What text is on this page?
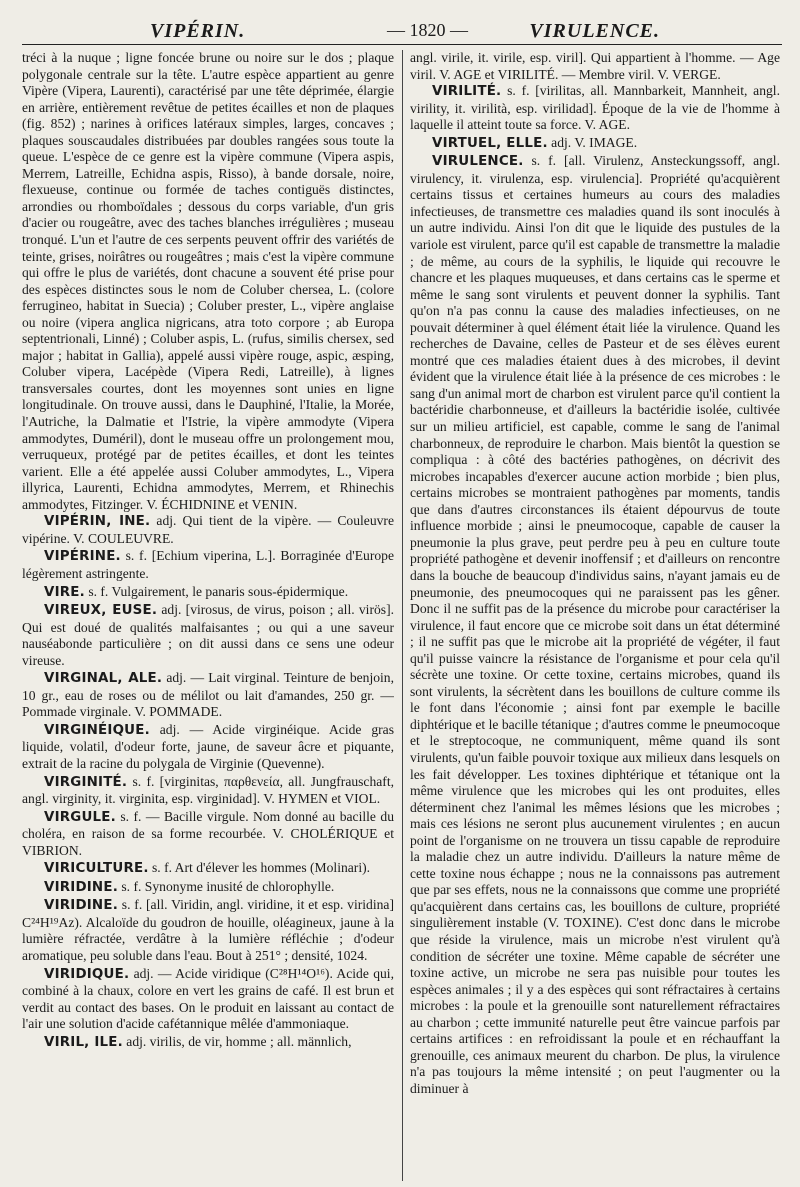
VIPÉRIN.	— 1820 —	VIRULENCE.
tréci à la nuque ; ligne foncée brune ou noire sur le dos ; plaque polygonale centrale sur la tête. L'autre espèce appartient au genre Vipère (Vipera, Laurenti), caractérisé par une tête déprimée, élargie en arrière, entièrement revêtue de petites écailles et non de plaques (fig. 852) ; narines à orifices latéraux simples, larges, concaves ; plaques souscaudales distribuées par doubles rangées sous toute la queue. L'espèce de ce genre est la vipère commune (Vipera aspis, Merrem, Latreille, Echidna aspis, Risso), à bande dorsale, noire, flexueuse, continue ou formée de taches contiguës distinctes, arrondies ou rhomboïdales ; dessous du corps variable, d'un gris d'acier ou rougeâtre, avec des taches blanches irrégulières ; museau tronqué. L'un et l'autre de ces serpents peuvent offrir des variétés de teinte, grises, noirâtres ou rougeâtres ; mais c'est la vipère commune qui offre le plus de variétés, dont chacune a souvent été prise pour des espèces distinctes sous le nom de Coluber chersea, L. (colore ferrugineo, habitat in Suecia) ; Coluber prester, L., vipère anglaise ou noire (vipera anglica nigricans, atra toto corpore ; ab Europa septentrionali, Linné) ; Coluber aspis, L. (rufus, similis chersex, sed major ; habitat in Gallia), appelé aussi vipère rouge, aspic, æsping, Coluber vipera, Lacépède (Vipera Redi, Latreille), à lignes transversales courtes, dont les moyennes sont unies en ligne longitudinale. On trouve aussi, dans le Dauphiné, l'Italie, la Morée, l'Autriche, la Dalmatie et l'Istrie, la vipère ammodyte (Vipera ammodytes, Duméril), dont le museau offre un prolongement mou, verruqueux, protégé par de petites écailles, et dont les teintes varient. Elle a été appelée aussi Coluber ammodytes, L., Vipera illyrica, Laurenti, Echidna ammodytes, Merrem, et Rhinechis ammodytes, Fitzinger. V. ÉCHIDNINE et VENIN.
VIPÉRIN, INE. adj. Qui tient de la vipère. — Couleuvre vipérine. V. COULEUVRE.
VIPÉRINE. s. f. [Echium viperina, L.]. Borraginée d'Europe légèrement astringente.
VIRE. s. f. Vulgairement, le panaris sous-épidermique.
VIREUX, EUSE. adj. [virosus, de virus, poison ; all. virös]. Qui est doué de qualités malfaisantes ; ou qui a une saveur nauséabonde particulière ; on dit aussi dans ce sens une odeur vireuse.
VIRGINAL, ALE. adj. — Lait virginal. Teinture de benjoin, 10 gr., eau de roses ou de mélilot ou lait d'amandes, 250 gr. — Pommade virginale. V. POMMADE.
VIRGINÉIQUE. adj. — Acide virginéique. Acide gras liquide, volatil, d'odeur forte, jaune, de saveur âcre et piquante, extrait de la racine du polygala de Virginie (Quevenne).
VIRGINITÉ. s. f. [virginitas, παρθενεία, all. Jungfrauschaft, angl. virginity, it. virginita, esp. virginidad]. V. HYMEN et VIOL.
VIRGULE. s. f. — Bacille virgule. Nom donné au bacille du choléra, en raison de sa forme recourbée. V. CHOLÉRIQUE et VIBRION.
VIRICULTURE. s. f. Art d'élever les hommes (Molinari).
VIRIDINE. s. f. Synonyme inusité de chlorophylle.
VIRIDINE. s. f. [all. Viridin, angl. viridine, it et esp. viridina] C²⁴H¹⁹Az). Alcaloïde du goudron de houille, oléagineux, jaune à la lumière réfractée, verdâtre à la lumière réfléchie ; d'odeur aromatique, peu soluble dans l'eau. Bout à 251° ; densité, 1024.
VIRIDIQUE. adj. — Acide viridique (C²⁸H¹⁴O¹⁶). Acide qui, combiné à la chaux, colore en vert les grains de café. Il est brun et verdit au contact des bases. On le produit en laissant au contact de l'air une solution d'acide cafétannique mêlée d'ammoniaque.
VIRIL, ILE. adj. virilis, de vir, homme ; all. männlich,
angl. virile, it. virile, esp. viril]. Qui appartient à l'homme. — Age viril. V. AGE et VIRILITÉ. — Membre viril. V. VERGE.
VIRILITÉ. s. f. [virilitas, all. Mannbarkeit, Mannheit, angl. virility, it. virilità, esp. virilidad]. Époque de la vie de l'homme à laquelle il atteint toute sa force. V. AGE.
VIRTUEL, ELLE. adj. V. IMAGE.
VIRULENCE. s. f. [all. Virulenz, Ansteckungssoff, angl. virulency, it. virulenza, esp. virulencia]. Propriété qu'acquièrent certains tissus et certaines humeurs au cours des maladies infectieuses, de transmettre ces maladies quand ils sont inoculés à un autre individu. Ainsi l'on dit que le liquide des pustules de la variole est virulent, parce qu'il est capable de transmettre la maladie ; de même, au cours de la syphilis, le liquide qui recouvre le chancre et les plaques muqueuses, et dans certains cas le sperme et même le sang sont virulents et peuvent donner la syphilis. Tant qu'on n'a pas connu la cause des maladies infectieuses, on ne pouvait déterminer à quel élément était liée la virulence. Quand les recherches de Davaine, celles de Pasteur et de ses élèves eurent montré que ces maladies étaient dues à des microbes, il devint évident que la virulence était liée à la présence de ces microbes : le sang d'un animal mort de charbon est virulent parce qu'il contient la bactéridie charbonneuse, et d'ailleurs la bactéridie isolée, cultivée sur un milieu artificiel, est capable, comme le sang de l'animal charbonneux, de reproduire le charbon. Mais bientôt la question se compliqua : à côté des bactéries pathogènes, on décrivit des microbes incapables d'exercer aucune action morbide ; bien plus, certains microbes se montraient pathogènes par moments, tandis que dans d'autres circonstances ils étaient dépourvus de toute influence morbide ; ainsi le pneumocoque, capable de causer la pneumonie la plus grave, peut perdre peu à peu en culture toute propriété pathogène et devenir inoffensif ; et d'ailleurs on rencontre dans la bouche de beaucoup d'individus sains, n'ayant jamais eu de pneumonie, des pneumocoques qui ne paraissent pas les gêner. Donc il ne suffit pas de la présence du microbe pour caractériser la virulence, il faut encore que ce microbe soit dans un état déterminé ; il ne suffit pas que le microbe ait la propriété de végéter, il faut qu'il puisse vaincre la résistance de l'organisme et pour cela qu'il sécrète une toxine. Or cette toxine, certains microbes, quand ils sont virulents, la sécrètent dans les bouillons de culture comme ils le font dans l'économie ; ainsi font par exemple le bacille diphtérique et le bacille tétanique ; d'autres comme le pneumocoque et le streptocoque, ne communiquent, même quand ils sont virulents, qu'un faible pouvoir toxique aux milieux dans lesquels on les fait développer. Les toxines diphtérique et tétanique ont la même virulence que les microbes qui les ont produites, elles déterminent chez l'animal les mêmes lésions que les microbes ; mais ces lésions ne seront plus aucunement virulentes ; en aucun point de l'organisme on ne trouvera un tissu capable de reproduire la maladie chez un autre individu. D'ailleurs la nature même de cette toxine nous échappe ; nous ne la connaissons pas autrement que par ses effets, nous ne la connaissons que comme une propriété qu'acquièrent dans certains cas, les bouillons de culture, propriété singulièrement instable (V. TOXINE). C'est donc dans le microbe que réside la virulence, mais un microbe n'est virulent qu'à condition de sécréter une toxine. Même capable de sécréter une toxine active, un microbe ne sera pas nuisible pour toutes les espèces animales ; il y a des espèces qui sont réfractaires à certains microbes : la poule et la grenouille sont naturellement réfractaires au charbon ; cette immunité naturelle peut être vaincue parfois par certains artifices : en refroidissant la poule et en réchauffant la grenouille, ces animaux meurent du charbon. De plus, la virulence n'a pas toujours la même intensité ; on peut l'augmenter ou la diminuer à
